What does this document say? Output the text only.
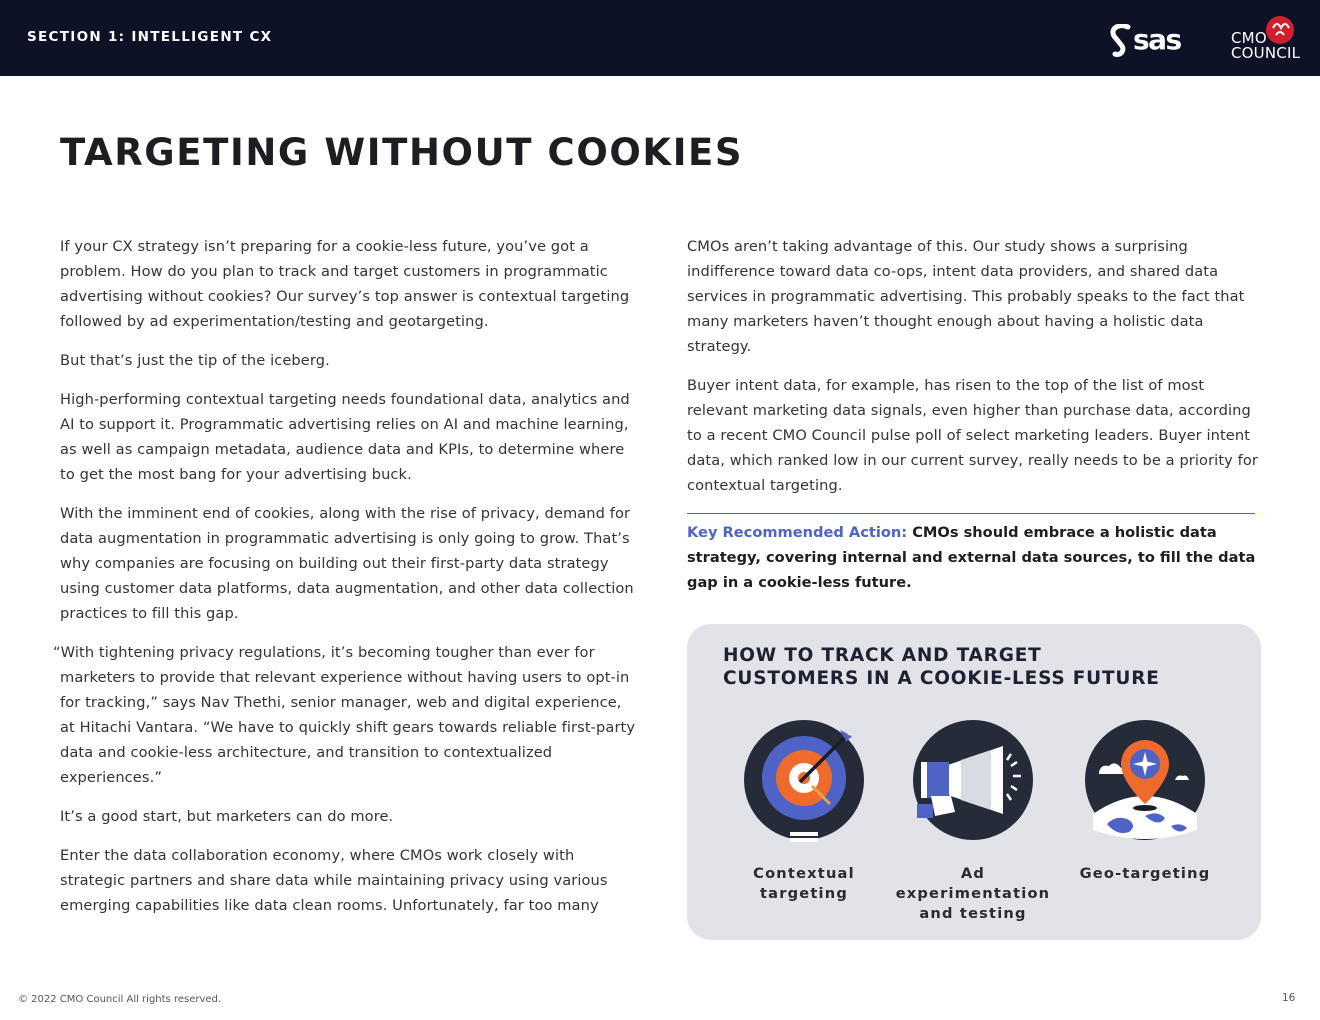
SECTION 1: INTELLIGENT CX	sas	CMO
COUNCIL
TARGETING WITHOUT COOKIES

If your CX strategy isn’t preparing for a cookie-less future, you’ve got a problem. How do you plan to track and target customers in programmatic advertising without cookies? Our survey’s top answer is contextual targeting followed by ad experimentation/testing and geotargeting.

But that’s just the tip of the iceberg.

High-performing contextual targeting needs foundational data, analytics and AI to support it. Programmatic advertising relies on AI and machine learning, as well as campaign metadata, audience data and KPIs, to determine where to get the most bang for your advertising buck.

With the imminent end of cookies, along with the rise of privacy, demand for data augmentation in programmatic advertising is only going to grow. That’s why companies are focusing on building out their first-party data strategy using customer data platforms, data augmentation, and other data collection practices to fill this gap.

“With tightening privacy regulations, it’s becoming tougher than ever for marketers to provide that relevant experience without having users to opt-in for tracking,” says Nav Thethi, senior manager, web and digital experience, at Hitachi Vantara. “We have to quickly shift gears towards reliable first-party data and cookie-less architecture, and transition to contextualized experiences.”

It’s a good start, but marketers can do more.

Enter the data collaboration economy, where CMOs work closely with strategic partners and share data while maintaining privacy using various emerging capabilities like data clean rooms. Unfortunately, far too many

CMOs aren’t taking advantage of this. Our study shows a surprising indifference toward data co-ops, intent data providers, and shared data services in programmatic advertising. This probably speaks to the fact that many marketers haven’t thought enough about having a holistic data strategy.

Buyer intent data, for example, has risen to the top of the list of most relevant marketing data signals, even higher than purchase data, according to a recent CMO Council pulse poll of select marketing leaders. Buyer intent data, which ranked low in our current survey, really needs to be a priority for contextual targeting.

Key Recommended Action: CMOs should embrace a holistic data strategy, covering internal and external data sources, to fill the data gap in a cookie-less future.
HOW TO TRACK AND TARGET
CUSTOMERS IN A COOKIE-LESS FUTURE
Contextual
targeting
Ad
experimentation
and testing
Geo-targeting
© 2022 CMO Council All rights reserved.	16
